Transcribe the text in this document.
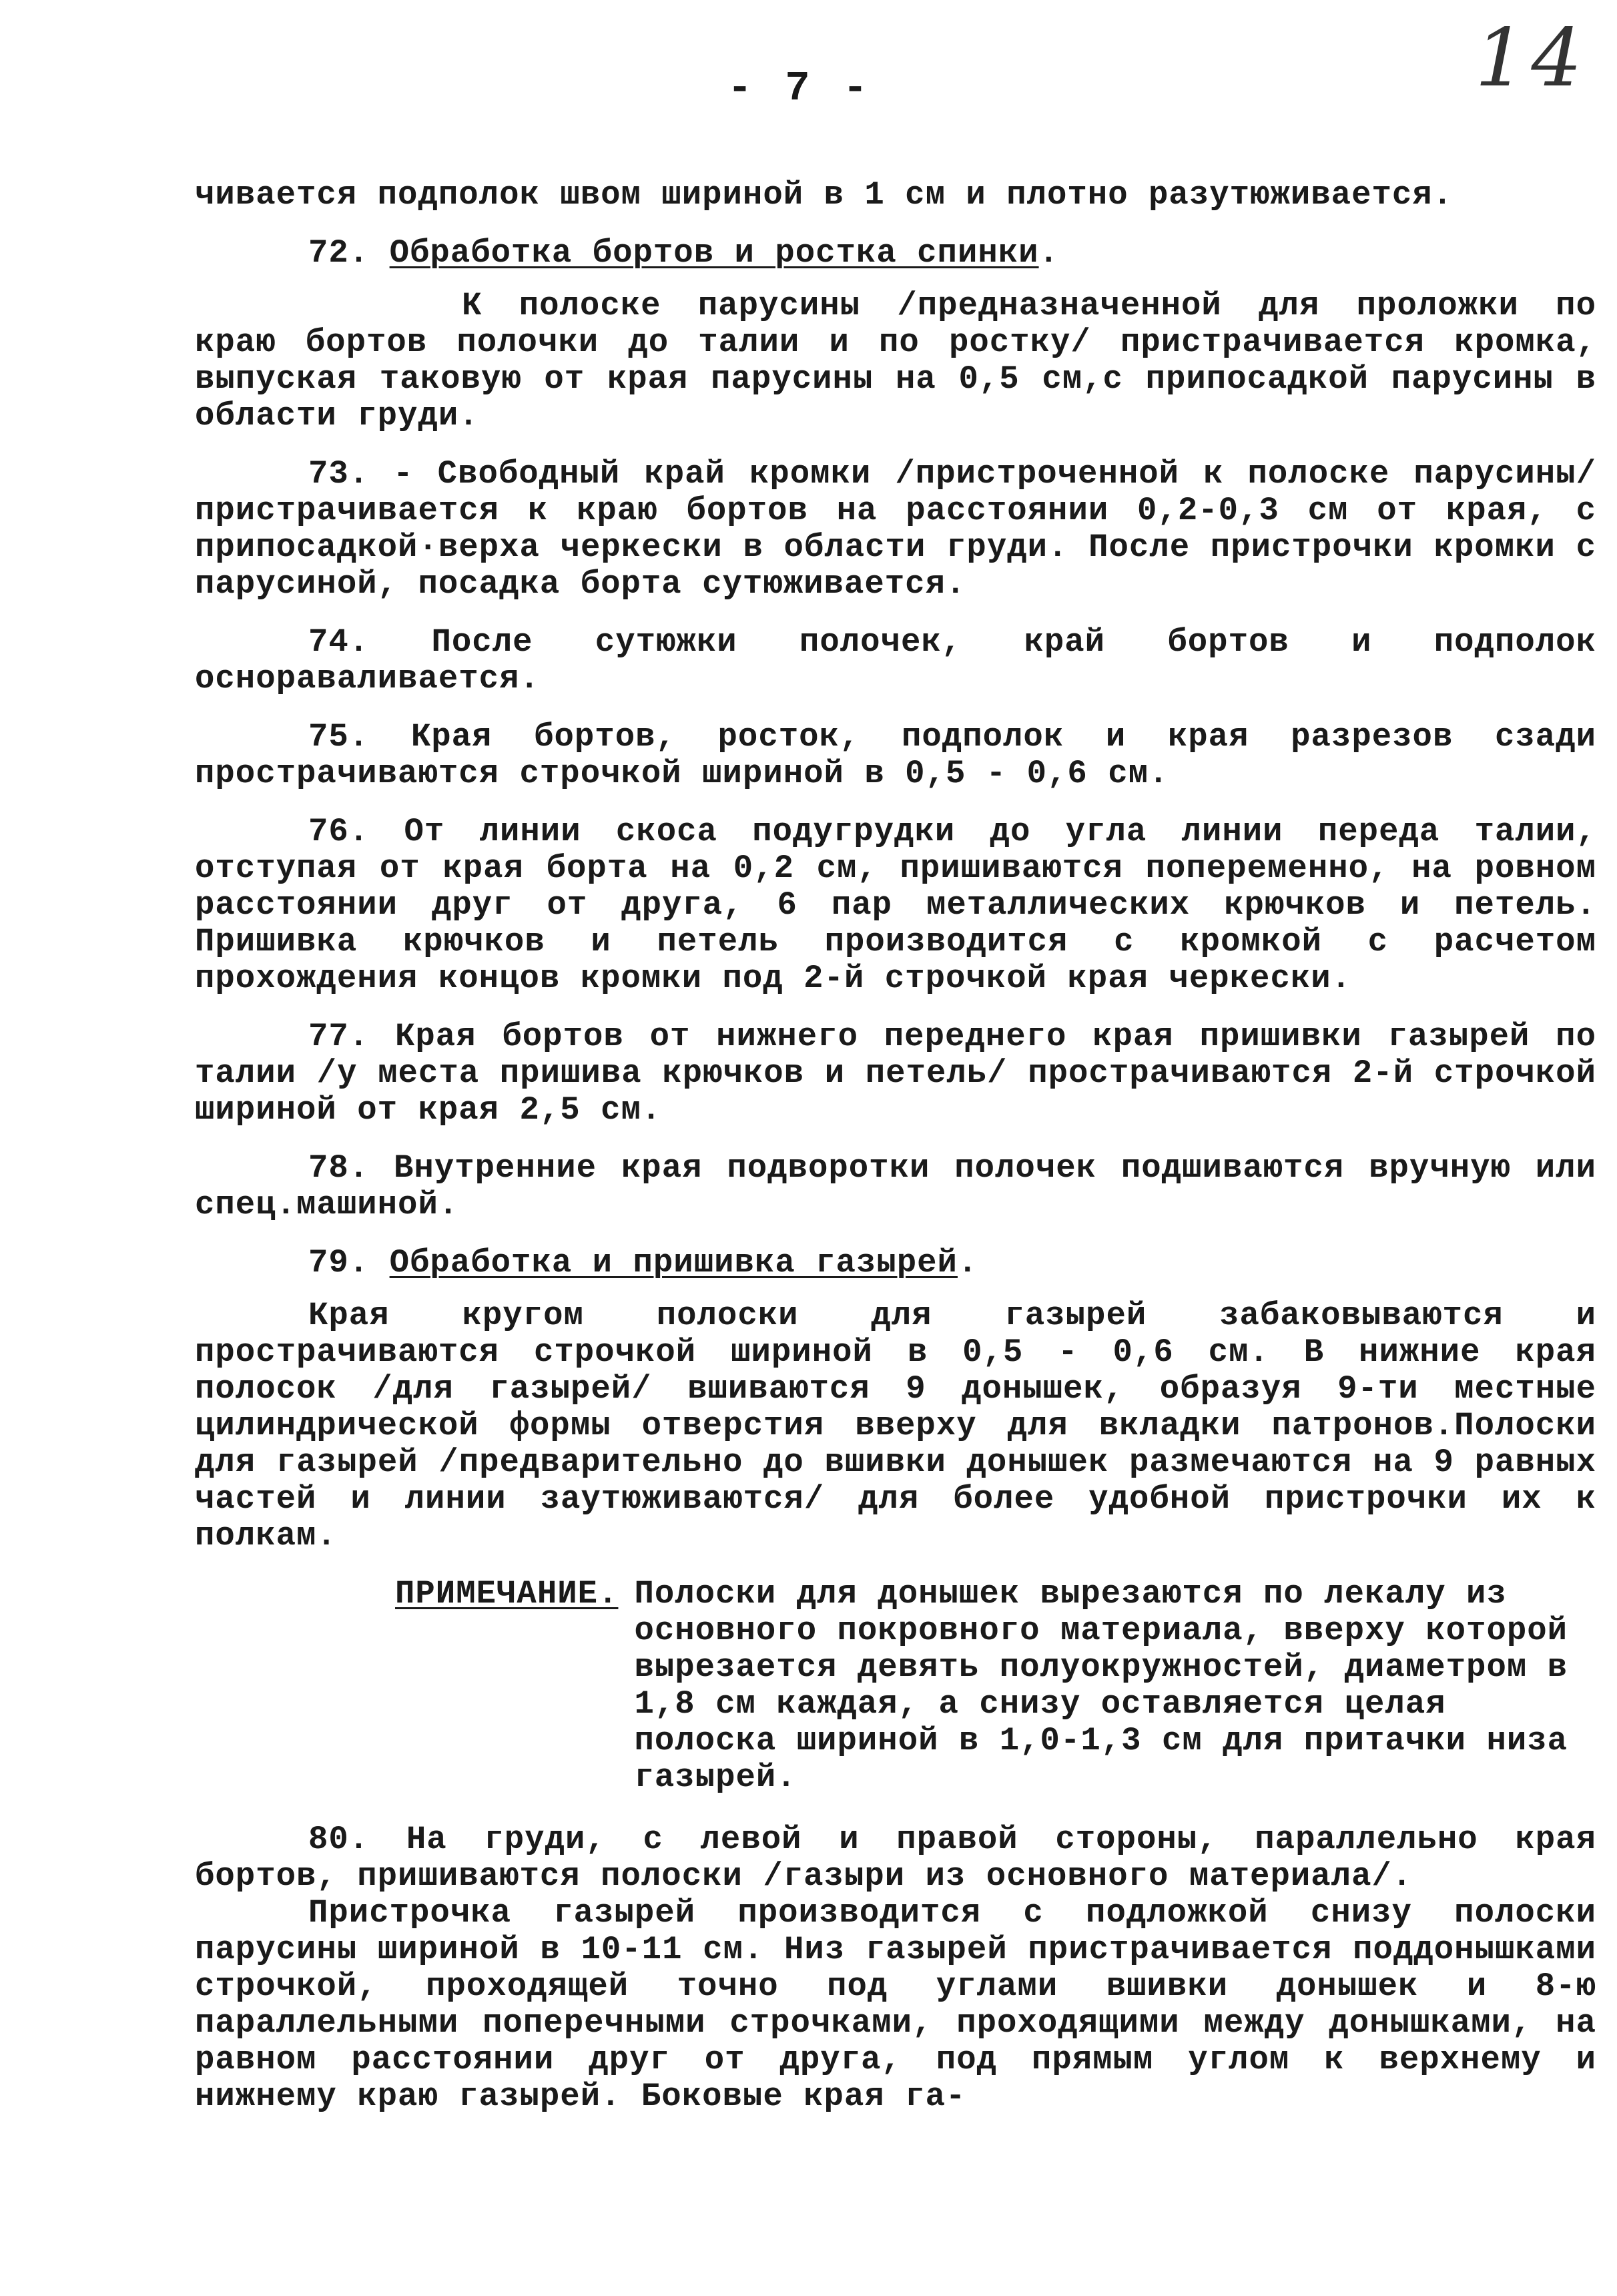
- 7 -	14

чивается подполок швом шириной в 1 см и плотно разутюживается.

72. Обработка бортов и ростка спинки.

К полоске парусины /предназначенной для проложки по краю бортов полочки до талии и по ростку/ пристрачивается кромка, выпуская таковую от края парусины на 0,5 см,с припосадкой парусины в области груди.

73. - Свободный край кромки /пристроченной к полоске парусины/ пристрачивается к краю бортов на расстоянии 0,2-0,3 см от края, с припосадкой·верха черкески в области груди. После пристрочки кромки с парусиной, посадка борта сутюживается.

74. После сутюжки полочек, край бортов и подполок оснораваливается.

75. Края бортов, росток, подполок и края разрезов сзади прострачиваются строчкой шириной в 0,5 - 0,6 см.

76. От линии скоса подугрудки до угла линии переда талии, отступая от края борта на 0,2 см, пришиваются попеременно, на ровном расстоянии друг от друга, 6 пар металлических крючков и петель. Пришивка крючков и петель производится с кромкой с расчетом прохождения концов кромки под 2-й строчкой края черкески.

77. Края бортов от нижнего переднего края пришивки газырей по талии /у места пришива крючков и петель/ прострачиваются 2-й строчкой шириной от края 2,5 см.

78. Внутренние края подворотки полочек подшиваются вручную или спец.машиной.

79. Обработка и пришивка газырей.

Края кругом полоски для газырей забаковываются и прострачиваются строчкой шириной в 0,5 - 0,6 см. В нижние края полосок /для газырей/ вшиваются 9 донышек, образуя 9-ти местные цилиндрической формы отверстия вверху для вкладки патронов.Полоски для газырей /предварительно до вшивки донышек размечаются на 9 равных частей и линии заутюживаются/ для более удобной пристрочки их к полкам.

ПРИМЕЧАНИЕ. Полоски для донышек вырезаются по лекалу из основного покровного материала, вверху которой вырезается девять полуокружностей, диаметром в 1,8 см каждая, а снизу оставляется целая полоска шириной в 1,0-1,3 см для притачки низа газырей.

80. На груди, с левой и правой стороны, параллельно края бортов, пришиваются полоски /газыри из основного материала/.

Пристрочка газырей производится с подложкой снизу полоски парусины шириной в 10-11 см. Низ газырей пристрачивается поддонышками строчкой, проходящей точно под углами вшивки донышек и 8-ю параллельными поперечными строчками, проходящими между донышками, на равном расстоянии друг от друга, под прямым углом к верхнему и нижнему краю газырей. Боковые края га-
